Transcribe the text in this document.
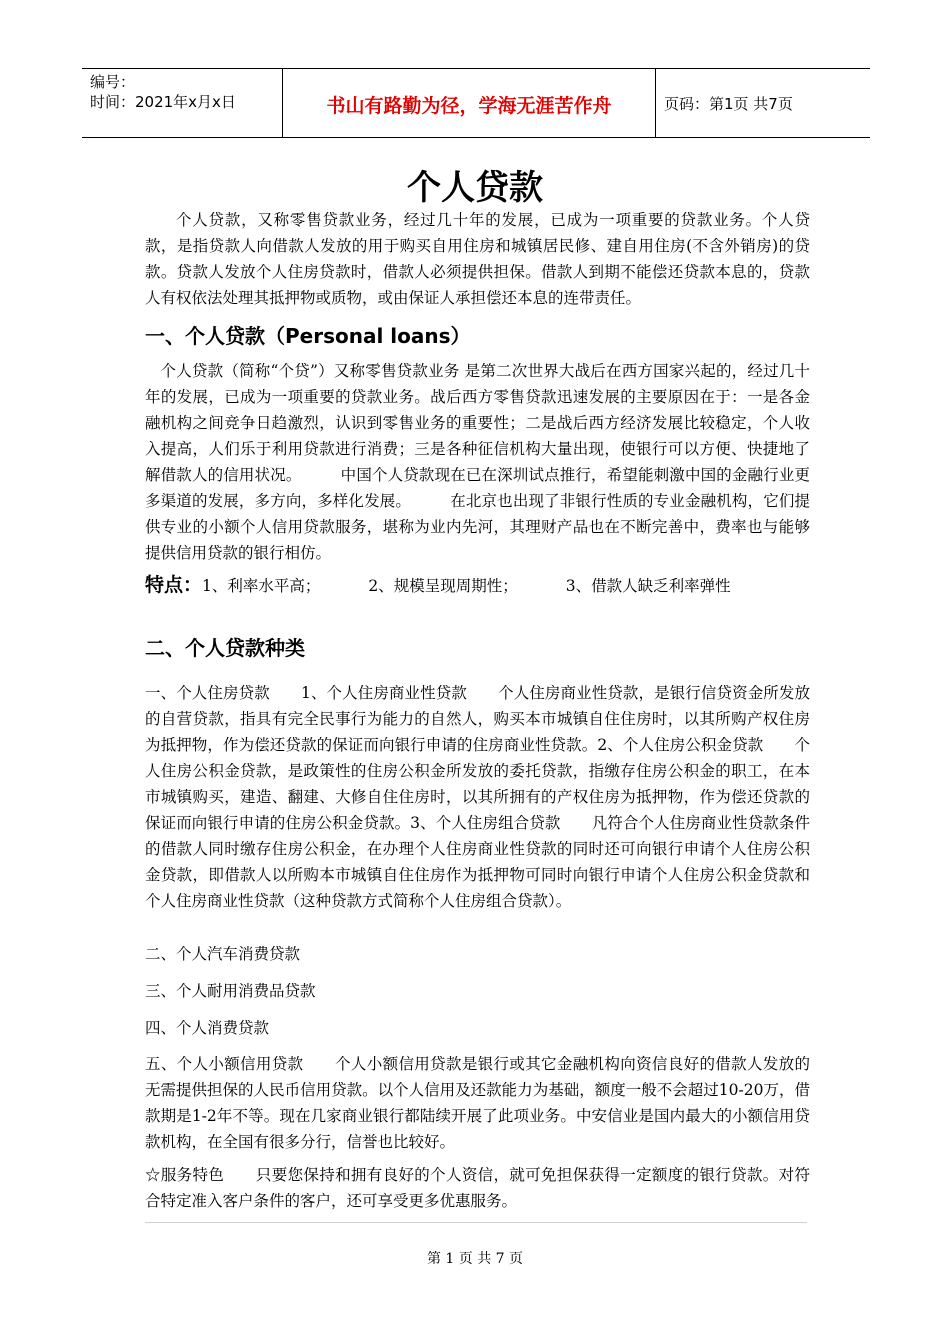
编号：
时间：2021年x月x日	书山有路勤为径，学海无涯苦作舟	页码：第1页 共7页
个人贷款
个人贷款，又称零售贷款业务，经过几十年的发展，已成为一项重要的贷款业务。个人贷款，是指贷款人向借款人发放的用于购买自用住房和城镇居民修、建自用住房(不含外销房)的贷款。贷款人发放个人住房贷款时，借款人必须提供担保。借款人到期不能偿还贷款本息的，贷款人有权依法处理其抵押物或质物，或由保证人承担偿还本息的连带责任。
一、个人贷款（Personal loans）
个人贷款（简称“个贷”）又称零售贷款业务 是第二次世界大战后在西方国家兴起的，经过几十年的发展，已成为一项重要的贷款业务。战后西方零售贷款迅速发展的主要原因在于：一是各金融机构之间竞争日趋激烈，认识到零售业务的重要性；二是战后西方经济发展比较稳定，个人收入提高，人们乐于利用贷款进行消费；三是各种征信机构大量出现，使银行可以方便、快捷地了解借款人的信用状况。　　　中国个人贷款现在已在深圳试点推行，希望能刺激中国的金融行业更多渠道的发展，多方向，多样化发展。　　　在北京也出现了非银行性质的专业金融机构，它们提供专业的小额个人信用贷款服务，堪称为业内先河，其理财产品也在不断完善中，费率也与能够提供信用贷款的银行相仿。
特点：1、利率水平高；	2、规模呈现周期性；	3、借款人缺乏利率弹性
二、个人贷款种类
一、个人住房贷款　　1、个人住房商业性贷款　　个人住房商业性贷款，是银行信贷资金所发放的自营贷款，指具有完全民事行为能力的自然人，购买本市城镇自住住房时，以其所购产权住房为抵押物，作为偿还贷款的保证而向银行申请的住房商业性贷款。2、个人住房公积金贷款　　个人住房公积金贷款，是政策性的住房公积金所发放的委托贷款，指缴存住房公积金的职工，在本市城镇购买，建造、翻建、大修自住住房时，以其所拥有的产权住房为抵押物，作为偿还贷款的保证而向银行申请的住房公积金贷款。3、个人住房组合贷款　　凡符合个人住房商业性贷款条件的借款人同时缴存住房公积金，在办理个人住房商业性贷款的同时还可向银行申请个人住房公积金贷款，即借款人以所购本市城镇自住住房作为抵押物可同时向银行申请个人住房公积金贷款和个人住房商业性贷款（这种贷款方式简称个人住房组合贷款）。
二、个人汽车消费贷款
三、个人耐用消费品贷款
四、个人消费贷款
五、个人小额信用贷款　　个人小额信用贷款是银行或其它金融机构向资信良好的借款人发放的无需提供担保的人民币信用贷款。以个人信用及还款能力为基础，额度一般不会超过10-20万，借款期是1-2年不等。现在几家商业银行都陆续开展了此项业务。中安信业是国内最大的小额信用贷款机构，在全国有很多分行，信誉也比较好。
☆服务特色　　只要您保持和拥有良好的个人资信，就可免担保获得一定额度的银行贷款。对符合特定准入客户条件的客户，还可享受更多优惠服务。
第 1 页 共 7 页
